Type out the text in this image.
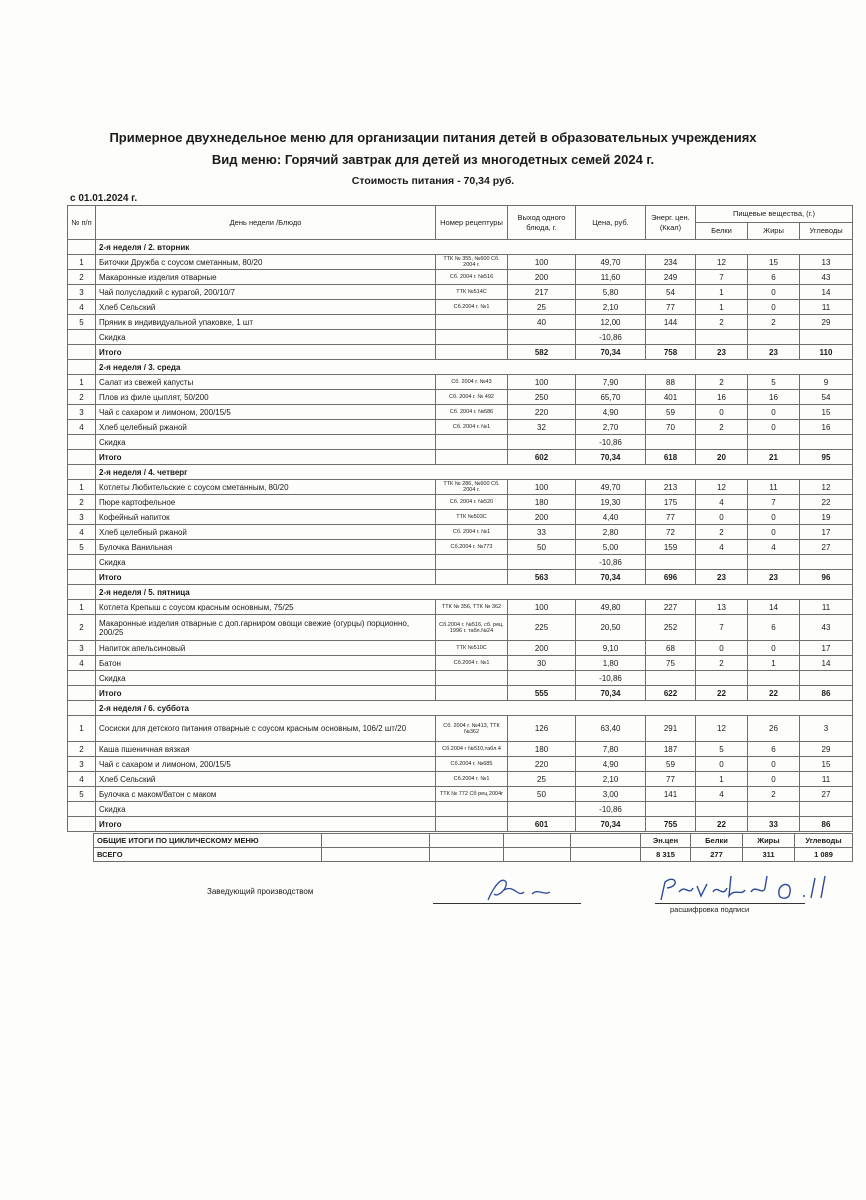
Примерное двухнедельное меню для организации питания детей в образовательных учреждениях
Вид меню: Горячий завтрак для детей из многодетных семей 2024 г.
Стоимость питания - 70,34 руб.
с 01.01.2024 г.
№ п/п	День недели /Блюдо	Номер рецептуры	Выход одного блюда, г.	Цена, руб.	Энерг. цен. (Ккал)	Пищевые вещества, (г.)		
						Белки	Жиры	Углеводы
	2-я неделя / 2. вторник							
1	Биточки Дружба с соусом сметанным, 80/20	ТТК № 355, №600 Сб. 2004 г.	100	49,70	234	12	15	13
2	Макаронные изделия отварные	Сб. 2004 г. №516	200	11,60	249	7	6	43
3	Чай полусладкий с курагой, 200/10/7	ТТК №514С	217	5,80	54	1	0	14
4	Хлеб Сельский	Сб.2004 г. №1	25	2,10	77	1	0	11
5	Пряник в индивидуальной упаковке, 1 шт		40	12,00	144	2	2	29
	Скидка			-10,86				
	Итого		582	70,34	758	23	23	110
	2-я неделя / 3. среда							
1	Салат из свежей капусты	Сб. 2004 г. №43	100	7,90	88	2	5	9
2	Плов из филе цыплят, 50/200	Сб. 2004 г. № 492	250	65,70	401	16	16	54
3	Чай с сахаром и лимоном, 200/15/5	Сб. 2004 г. №686	220	4,90	59	0	0	15
4	Хлеб целебный ржаной	Сб. 2004 г. №1	32	2,70	70	2	0	16
	Скидка			-10,86				
	Итого		602	70,34	618	20	21	95
	2-я неделя / 4. четверг							
1	Котлеты Любительские с соусом сметанным, 80/20	ТТК № 286, №600 Сб. 2004 г.	100	49,70	213	12	11	12
2	Пюре картофельное	Сб. 2004 г. №520	180	19,30	175	4	7	22
3	Кофейный напиток	ТТК №503С	200	4,40	77	0	0	19
4	Хлеб целебный ржаной	Сб. 2004 г. №1	33	2,80	72	2	0	17
5	Булочка Ванильная	Сб.2004 г. №773	50	5,00	159	4	4	27
	Скидка			-10,86				
	Итого		563	70,34	696	23	23	96
	2-я неделя / 5. пятница							
1	Котлета Крепыш с соусом красным основным, 75/25	ТТК № 356, ТТК № 362	100	49,80	227	13	14	11
2	Макаронные изделия отварные с доп.гарниром овощи свежие (огурцы) порционно, 200/25	Сб.2004 г. №516, сб. рец. 1996 г. табл.№24	225	20,50	252	7	6	43
3	Напиток апельсиновый	ТТК №510С	200	9,10	68	0	0	17
4	Батон	Сб.2004 г. №1	30	1,80	75	2	1	14
	Скидка			-10,86				
	Итого		555	70,34	622	22	22	86
	2-я неделя / 6. суббота							
1	Сосиски для детского питания отварные с соусом красным основным, 106/2 шт/20	Сб. 2004 г. №413, ТТК №362	126	63,40	291	12	26	3
2	Каша пшеничная вязкая	Сб.2004 г №510,табл.4	180	7,80	187	5	6	29
3	Чай с сахаром и лимоном, 200/15/5	Сб.2004 г. №685	220	4,90	59	0	0	15
4	Хлеб Сельский	Сб.2004 г. №1	25	2,10	77	1	0	11
5	Булочка с маком/батон с маком	ТТК № 772 Сб рец 2004г	50	3,00	141	4	2	27
	Скидка			-10,86				
	Итого		601	70,34	755	22	33	86
ОБЩИЕ ИТОГИ ПО ЦИКЛИЧЕСКОМУ МЕНЮ					Эн.цен	Белки	Жиры	Углеводы
ВСЕГО					8 315	277	311	1 089
Заведующий производством
расшифровка подписи
